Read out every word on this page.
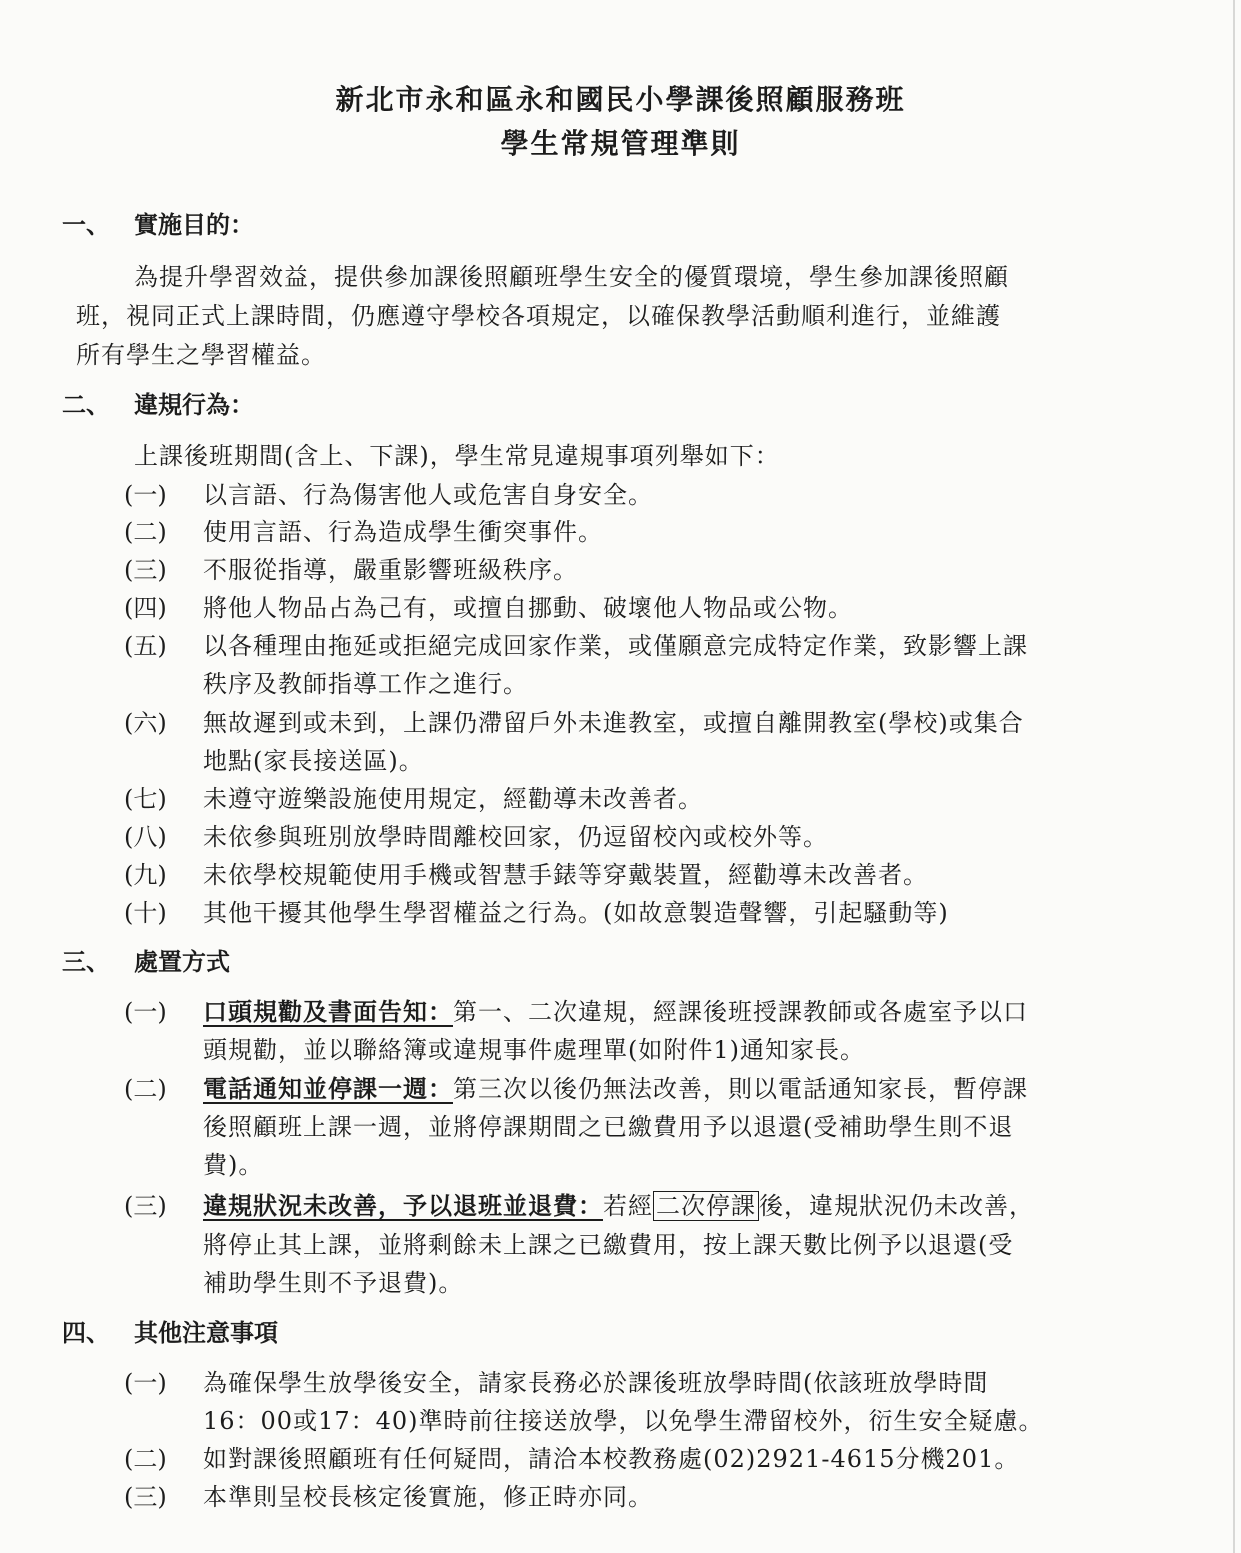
新北市永和區永和國民小學課後照顧服務班
學生常規管理準則
一、 實施目的：
為提升學習效益，提供參加課後照顧班學生安全的優質環境，學生參加課後照顧
班，視同正式上課時間，仍應遵守學校各項規定，以確保教學活動順利進行，並維護
所有學生之學習權益。
二、 違規行為：
上課後班期間(含上、下課)，學生常見違規事項列舉如下：
(一) 以言語、行為傷害他人或危害自身安全。
(二) 使用言語、行為造成學生衝突事件。
(三) 不服從指導，嚴重影響班級秩序。
(四) 將他人物品占為己有，或擅自挪動、破壞他人物品或公物。
(五) 以各種理由拖延或拒絕完成回家作業，或僅願意完成特定作業，致影響上課
秩序及教師指導工作之進行。
(六) 無故遲到或未到，上課仍滯留戶外未進教室，或擅自離開教室(學校)或集合
地點(家長接送區)。
(七) 未遵守遊樂設施使用規定，經勸導未改善者。
(八) 未依參與班別放學時間離校回家，仍逗留校內或校外等。
(九) 未依學校規範使用手機或智慧手錶等穿戴裝置，經勸導未改善者。
(十) 其他干擾其他學生學習權益之行為。(如故意製造聲響，引起騷動等)
三、 處置方式
(一) 口頭規勸及書面告知：第一、二次違規，經課後班授課教師或各處室予以口
頭規勸，並以聯絡簿或違規事件處理單(如附件1)通知家長。
(二) 電話通知並停課一週：第三次以後仍無法改善，則以電話通知家長，暫停課
後照顧班上課一週，並將停課期間之已繳費用予以退還(受補助學生則不退
費)。
(三) 違規狀況未改善，予以退班並退費：若經 二次停課 後，違規狀況仍未改善，
將停止其上課，並將剩餘未上課之已繳費用，按上課天數比例予以退還(受
補助學生則不予退費)。
四、 其他注意事項
(一) 為確保學生放學後安全，請家長務必於課後班放學時間(依該班放學時間
16：00或17：40)準時前往接送放學，以免學生滯留校外，衍生安全疑慮。
(二) 如對課後照顧班有任何疑問，請洽本校教務處(02)2921-4615分機201。
(三) 本準則呈校長核定後實施，修正時亦同。
